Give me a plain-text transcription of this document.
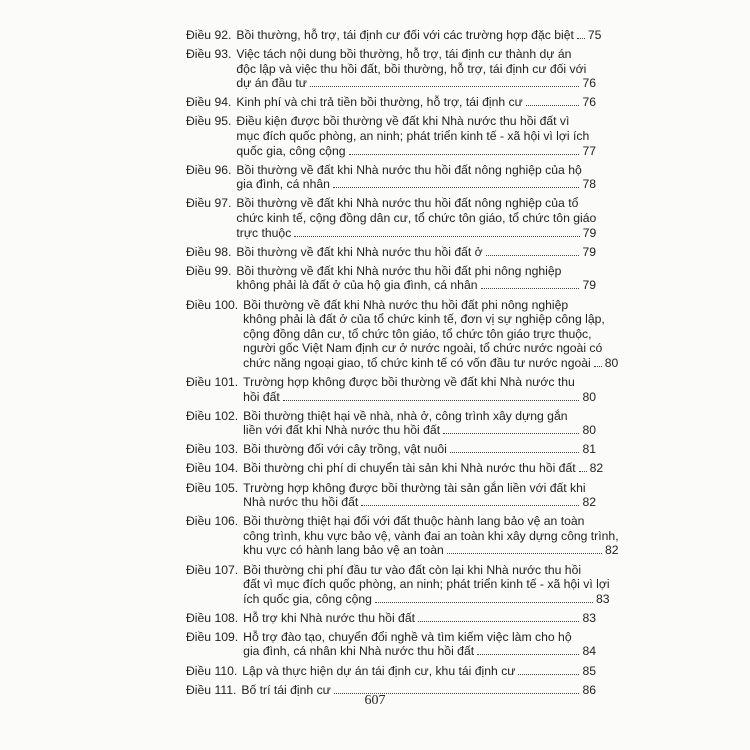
Điều 92. Bồi thường, hỗ trợ, tái định cư đối với các trường hợp đặc biệt 75
Điều 93. Việc tách nội dung bồi thường, hỗ trợ, tái định cư thành dự án
độc lập và việc thu hồi đất, bồi thường, hỗ trợ, tái định cư đối với
dự án đầu tư	76
Điều 94. Kinh phí và chi trả tiền bồi thường, hỗ trợ, tái định cư	76
Điều 95. Điều kiện được bồi thường về đất khi Nhà nước thu hồi đất vì
mục đích quốc phòng, an ninh; phát triển kinh tế - xã hội vì lợi ích
quốc gia, công cộng	77
Điều 96. Bồi thường về đất khi Nhà nước thu hồi đất nông nghiệp của hộ
gia đình, cá nhân	78
Điều 97. Bồi thường về đất khi Nhà nước thu hồi đất nông nghiệp của tổ
chức kinh tế, cộng đồng dân cư, tổ chức tôn giáo, tổ chức tôn giáo
trực thuộc	79
Điều 98. Bồi thường về đất khi Nhà nước thu hồi đất ở	79
Điều 99. Bồi thường về đất khi Nhà nước thu hồi đất phi nông nghiệp
không phải là đất ở của hộ gia đình, cá nhân	79
Điều 100. Bồi thường về đất khi Nhà nước thu hồi đất phi nông nghiệp
không phải là đất ở của tổ chức kinh tế, đơn vị sự nghiệp công lập,
cộng đồng dân cư, tổ chức tôn giáo, tổ chức tôn giáo trực thuộc,
người gốc Việt Nam định cư ở nước ngoài, tổ chức nước ngoài có
chức năng ngoại giao, tổ chức kinh tế có vốn đầu tư nước ngoài 80
Điều 101. Trường hợp không được bồi thường về đất khi Nhà nước thu
hồi đất	80
Điều 102. Bồi thường thiệt hại về nhà, nhà ở, công trình xây dựng gắn
liền với đất khi Nhà nước thu hồi đất	80
Điều 103. Bồi thường đối với cây trồng, vật nuôi	81
Điều 104. Bồi thường chi phí di chuyển tài sản khi Nhà nước thu hồi đất 82
Điều 105. Trường hợp không được bồi thường tài sản gắn liền với đất khi
Nhà nước thu hồi đất	82
Điều 106. Bồi thường thiệt hại đối với đất thuộc hành lang bảo vệ an toàn
công trình, khu vực bảo vệ, vành đai an toàn khi xây dựng công trình,
khu vực có hành lang bảo vệ an toàn	82
Điều 107. Bồi thường chi phí đầu tư vào đất còn lại khi Nhà nước thu hồi
đất vì mục đích quốc phòng, an ninh; phát triển kinh tế - xã hội vì lợi
ích quốc gia, công cộng	83
Điều 108. Hỗ trợ khi Nhà nước thu hồi đất	83
Điều 109. Hỗ trợ đào tạo, chuyển đổi nghề và tìm kiếm việc làm cho hộ
gia đình, cá nhân khi Nhà nước thu hồi đất	84
Điều 110. Lập và thực hiện dự án tái định cư, khu tái định cư	85
Điều 111. Bố trí tái định cư	86
607
